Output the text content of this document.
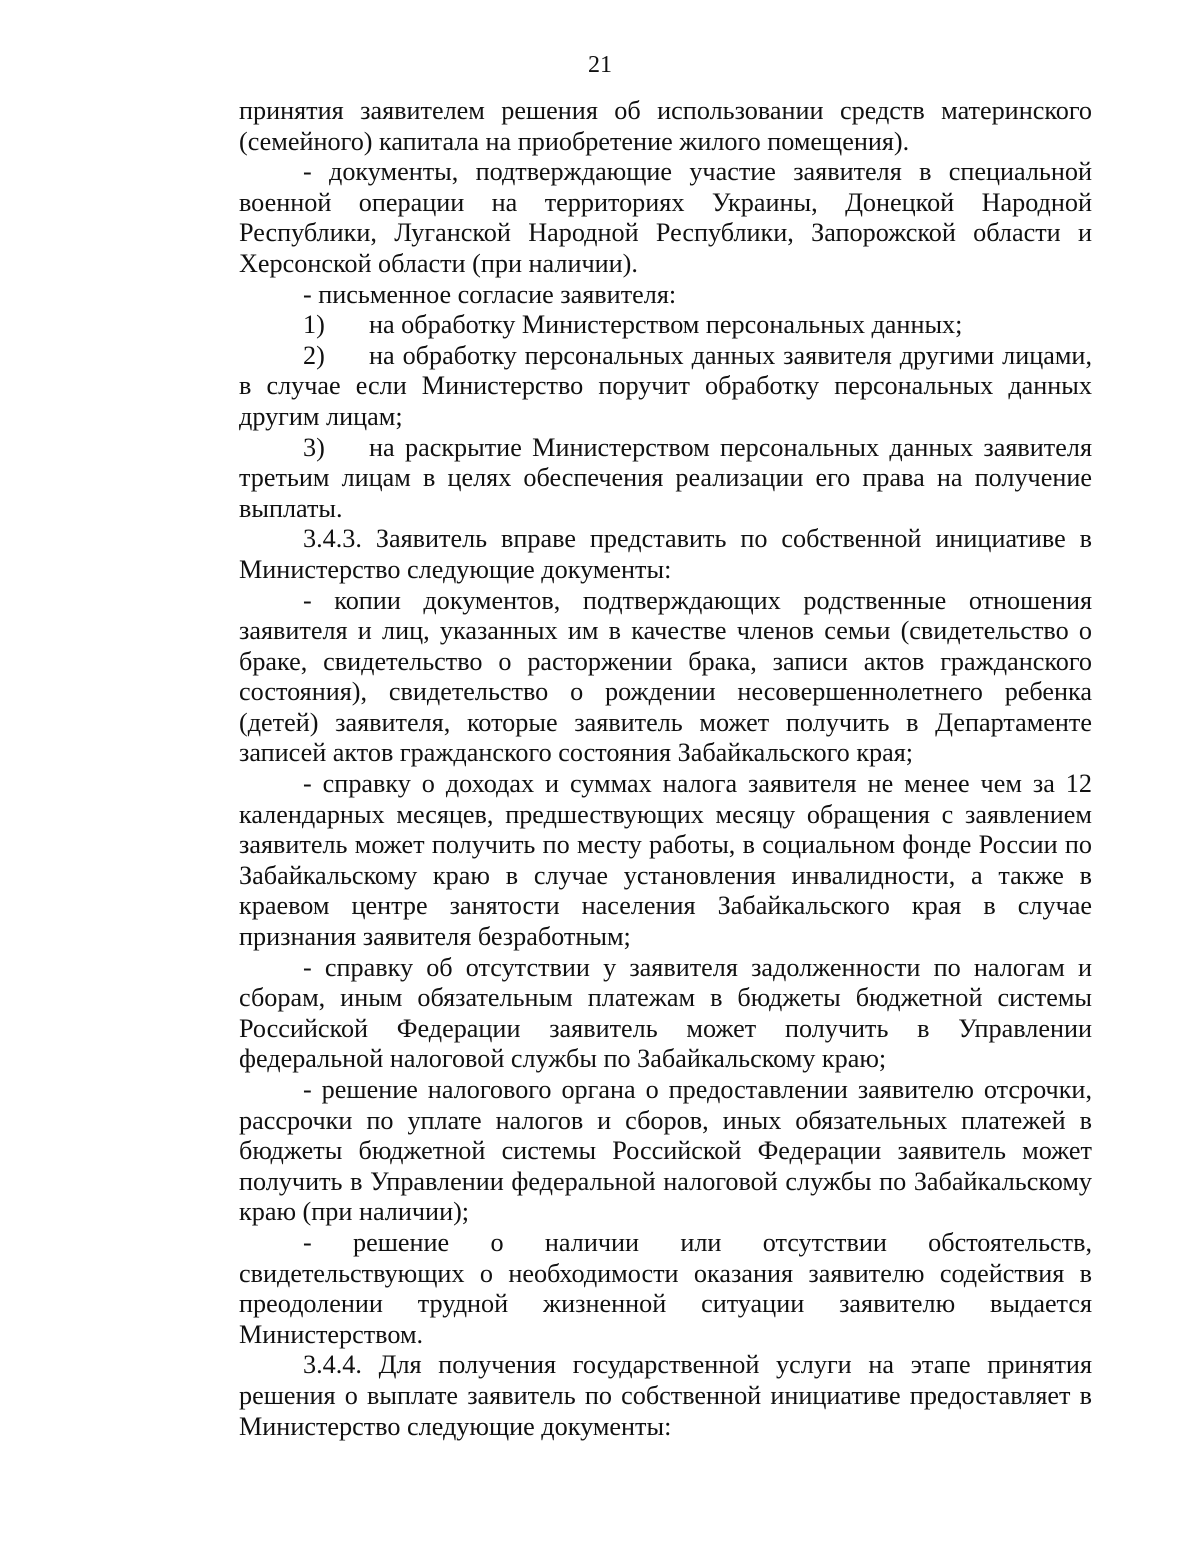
21

принятия заявителем решения об использовании средств материнского (семейного) капитала на приобретение жилого помещения).

- документы, подтверждающие участие заявителя в специальной военной операции на территориях Украины, Донецкой Народной Республики, Луганской Народной Республики, Запорожской области и Херсонской области (при наличии).

- письменное согласие заявителя:

1) на обработку Министерством персональных данных;

2) на обработку персональных данных заявителя другими лицами, в случае если Министерство поручит обработку персональных данных другим лицам;

3) на раскрытие Министерством персональных данных заявителя третьим лицам в целях обеспечения реализации его права на получение выплаты.

3.4.3. Заявитель вправе представить по собственной инициативе в Министерство следующие документы:

- копии документов, подтверждающих родственные отношения заявителя и лиц, указанных им в качестве членов семьи (свидетельство о браке, свидетельство о расторжении брака, записи актов гражданского состояния), свидетельство о рождении несовершеннолетнего ребенка (детей) заявителя, которые заявитель может получить в Департаменте записей актов гражданского состояния Забайкальского края;

- справку о доходах и суммах налога заявителя не менее чем за 12 календарных месяцев, предшествующих месяцу обращения с заявлением заявитель может получить по месту работы, в социальном фонде России по Забайкальскому краю в случае установления инвалидности, а также в краевом центре занятости населения Забайкальского края в случае признания заявителя безработным;

- справку об отсутствии у заявителя задолженности по налогам и сборам, иным обязательным платежам в бюджеты бюджетной системы Российской Федерации заявитель может получить в Управлении федеральной налоговой службы по Забайкальскому краю;

- решение налогового органа о предоставлении заявителю отсрочки, рассрочки по уплате налогов и сборов, иных обязательных платежей в бюджеты бюджетной системы Российской Федерации заявитель может получить в Управлении федеральной налоговой службы по Забайкальскому краю (при наличии);

- решение о наличии или отсутствии обстоятельств, свидетельствующих о необходимости оказания заявителю содействия в преодолении трудной жизненной ситуации заявителю выдается Министерством.

3.4.4. Для получения государственной услуги на этапе принятия решения о выплате заявитель по собственной инициативе предоставляет в Министерство следующие документы:
